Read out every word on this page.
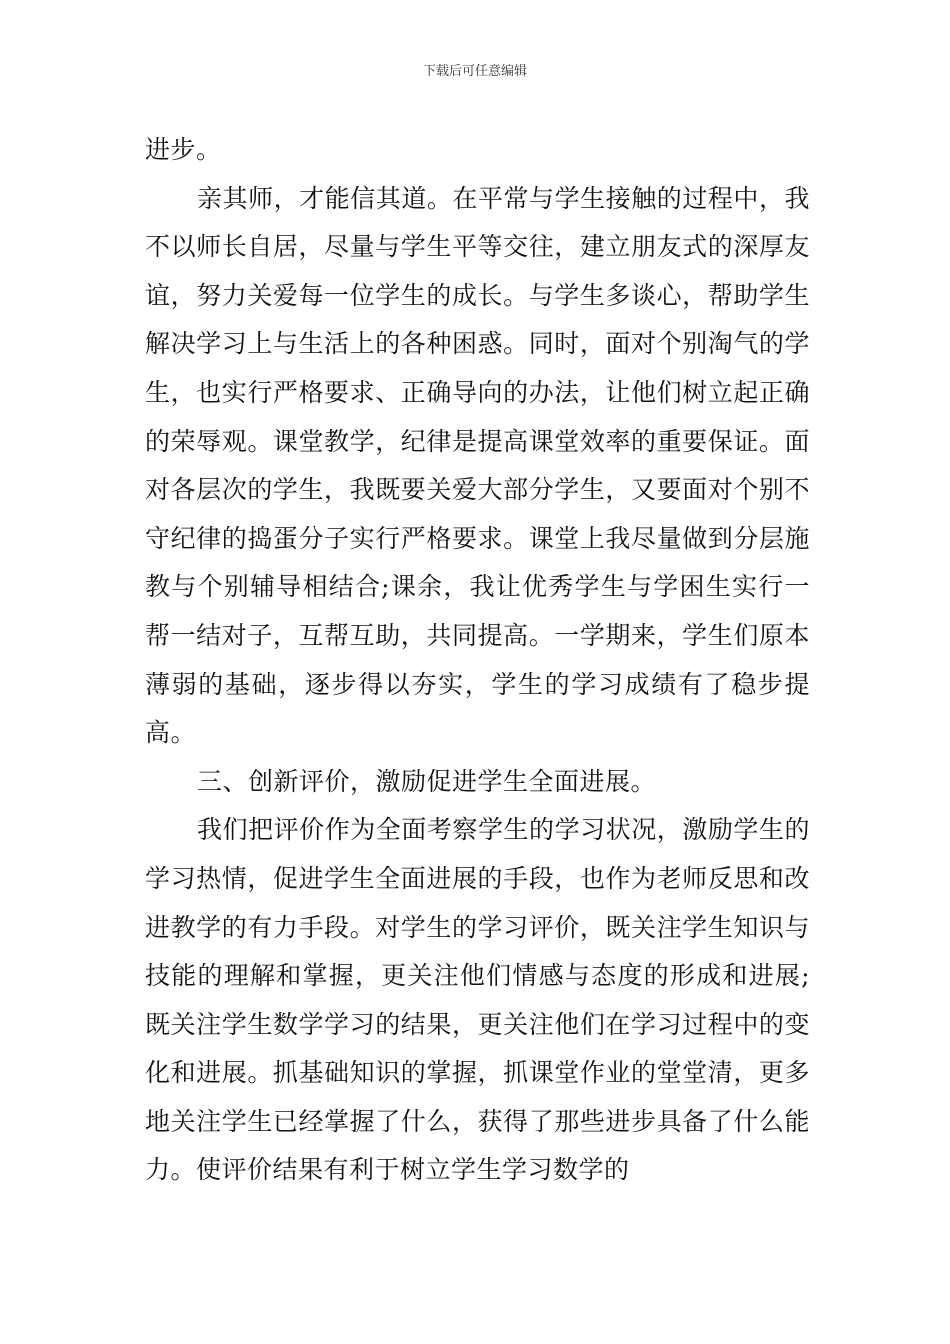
下载后可任意编辑

进步。

亲其师，才能信其道。在平常与学生接触的过程中，我不以师长自居，尽量与学生平等交往，建立朋友式的深厚友谊，努力关爱每一位学生的成长。与学生多谈心，帮助学生解决学习上与生活上的各种困惑。同时，面对个别淘气的学生，也实行严格要求、正确导向的办法，让他们树立起正确的荣辱观。课堂教学，纪律是提高课堂效率的重要保证。面对各层次的学生，我既要关爱大部分学生，又要面对个别不守纪律的捣蛋分子实行严格要求。课堂上我尽量做到分层施教与个别辅导相结合;课余，我让优秀学生与学困生实行一帮一结对子，互帮互助，共同提高。一学期来，学生们原本薄弱的基础，逐步得以夯实，学生的学习成绩有了稳步提高。

三、创新评价，激励促进学生全面进展。

我们把评价作为全面考察学生的学习状况，激励学生的学习热情，促进学生全面进展的手段，也作为老师反思和改进教学的有力手段。对学生的学习评价，既关注学生知识与技能的理解和掌握，更关注他们情感与态度的形成和进展;既关注学生数学学习的结果，更关注他们在学习过程中的变化和进展。抓基础知识的掌握，抓课堂作业的堂堂清，更多地关注学生已经掌握了什么，获得了那些进步具备了什么能力。使评价结果有利于树立学生学习数学的
